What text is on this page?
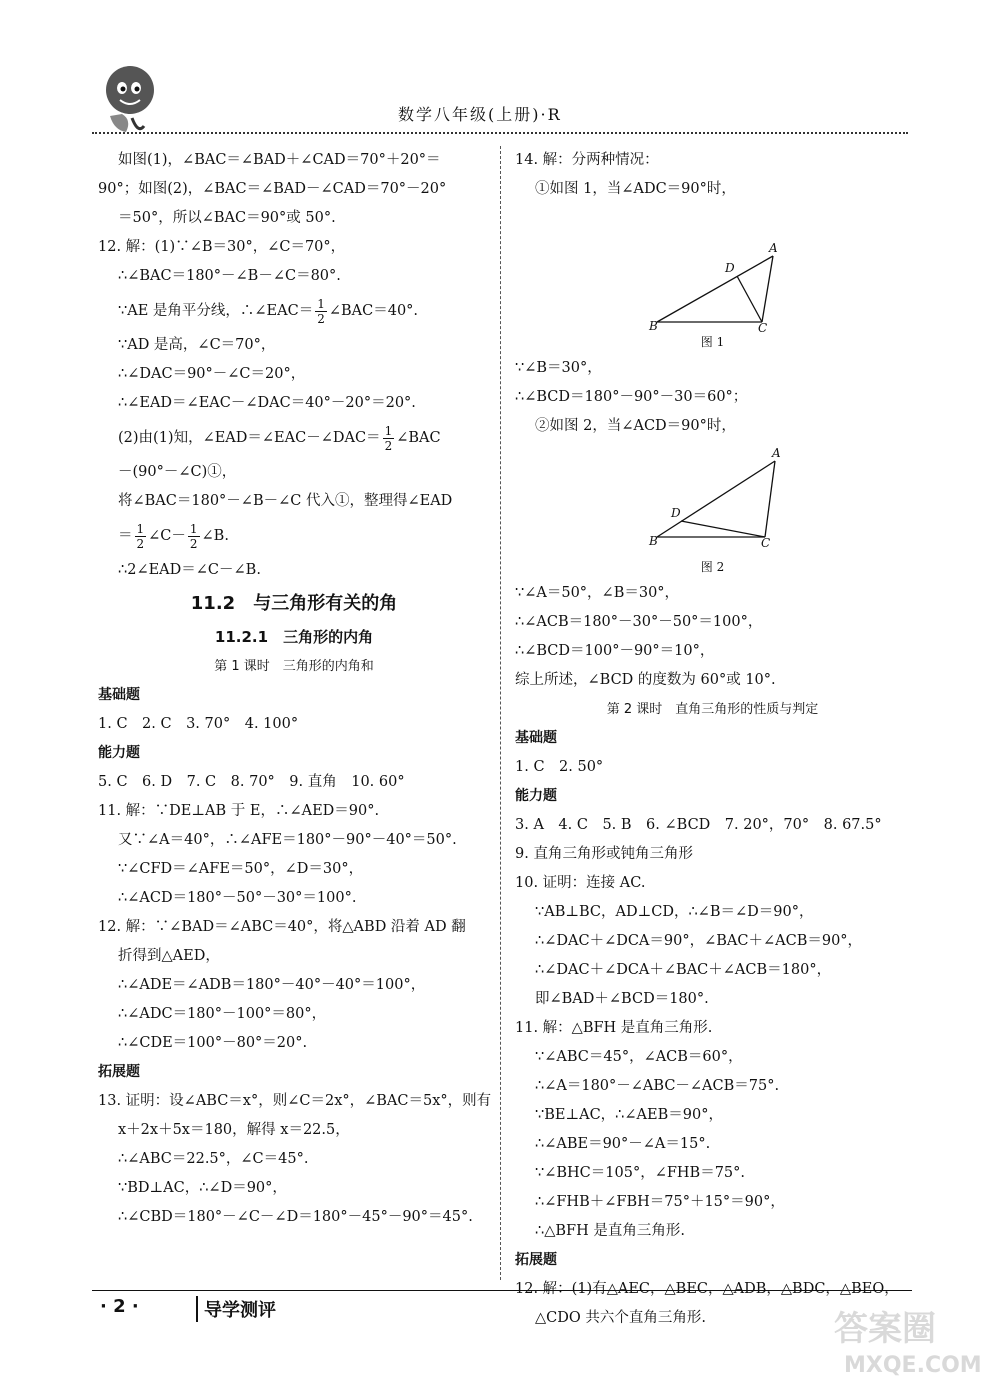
数学八年级(上册)·R
如图(1)，∠BAC＝∠BAD＋∠CAD＝70°＋20°＝
90°；如图(2)，∠BAC＝∠BAD－∠CAD＝70°－20°
＝50°，所以∠BAC＝90°或 50°.
12. 解：(1)∵∠B＝30°，∠C＝70°，
∴∠BAC＝180°－∠B－∠C＝80°.
∵AE 是角平分线，∴∠EAC＝ $\frac{1}{2}$ ∠BAC＝40°.
∵AD 是高，∠C＝70°，
∴∠DAC＝90°－∠C＝20°，
∴∠EAD＝∠EAC－∠DAC＝40°－20°＝20°.
(2)由(1)知，∠EAD＝∠EAC－∠DAC＝ $\frac{1}{2}$ ∠BAC
－(90°－∠C)①，
将∠BAC＝180°－∠B－∠C 代入①，整理得∠EAD
＝ $\frac{1}{2}$ ∠C－ $\frac{1}{2}$ ∠B.
∴2∠EAD＝∠C－∠B.
11.2　与三角形有关的角
11.2.1　三角形的内角
第 1 课时　三角形的内角和
基础题
1. C　2. C　3. 70°　4. 100°
能力题
5. C　6. D　7. C　8. 70°　9. 直角　10. 60°
11. 解：∵DE⊥AB 于 E，∴∠AED＝90°.
又∵∠A＝40°，∴∠AFE＝180°－90°－40°＝50°.
∵∠CFD＝∠AFE＝50°，∠D＝30°，
∴∠ACD＝180°－50°－30°＝100°.
12. 解：∵∠BAD＝∠ABC＝40°，将△ABD 沿着 AD 翻
折得到△AED，
∴∠ADE＝∠ADB＝180°－40°－40°＝100°，
∴∠ADC＝180°－100°＝80°，
∴∠CDE＝100°－80°＝20°.
拓展题
13. 证明：设∠ABC＝x°，则∠C＝2x°，∠BAC＝5x°，则有
x＋2x＋5x＝180，解得 x＝22.5，
∴∠ABC＝22.5°，∠C＝45°.
∵BD⊥AC，∴∠D＝90°，
∴∠CBD＝180°－∠C－∠D＝180°－45°－90°＝45°.
14. 解：分两种情况：
①如图 1，当∠ADC＝90°时，
B	C
A
D
图 1
∵∠B＝30°，
∴∠BCD＝180°－90°－30＝60°；
②如图 2，当∠ACD＝90°时，
B	C
A
D
图 2
∵∠A＝50°，∠B＝30°，
∴∠ACB＝180°－30°－50°＝100°，
∴∠BCD＝100°－90°＝10°，
综上所述，∠BCD 的度数为 60°或 10°.
第 2 课时　直角三角形的性质与判定
基础题
1. C　2. 50°
能力题
3. A　4. C　5. B　6. ∠BCD　7. 20°，70°　8. 67.5°
9. 直角三角形或钝角三角形
10. 证明：连接 AC.
∵AB⊥BC，AD⊥CD，∴∠B＝∠D＝90°，
∴∠DAC＋∠DCA＝90°，∠BAC＋∠ACB＝90°，
∴∠DAC＋∠DCA＋∠BAC＋∠ACB＝180°，
即∠BAD＋∠BCD＝180°.
11. 解：△BFH 是直角三角形.
∵∠ABC＝45°，∠ACB＝60°，
∴∠A＝180°－∠ABC－∠ACB＝75°.
∵BE⊥AC，∴∠AEB＝90°，
∴∠ABE＝90°－∠A＝15°.
∵∠BHC＝105°，∠FHB＝75°.
∴∠FHB＋∠FBH＝75°＋15°＝90°，
∴△BFH 是直角三角形.
拓展题
12. 解：(1)有△AEC，△BEC，△ADB，△BDC，△BEO，
△CDO 共六个直角三角形.
· 2 ·	导学测评	答案圈
MXQE.COM
